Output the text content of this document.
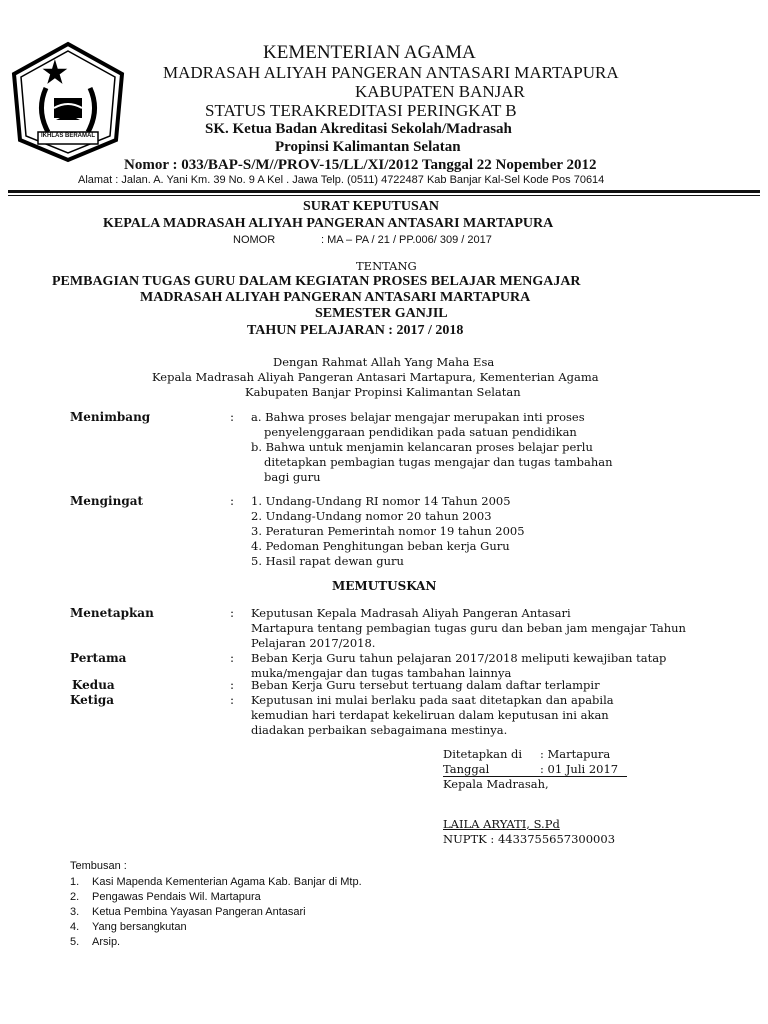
IKHLAS BERAMAL
KEMENTERIAN AGAMA
MADRASAH ALIYAH PANGERAN ANTASARI MARTAPURA
KABUPATEN BANJAR
STATUS TERAKREDITASI PERINGKAT B
SK. Ketua Badan Akreditasi Sekolah/Madrasah
Propinsi Kalimantan Selatan
Nomor : 033/BAP-S/M//PROV-15/LL/XI/2012 Tanggal 22 Nopember 2012
Alamat : Jalan. A. Yani Km. 39 No. 9 A Kel . Jawa Telp. (0511) 4722487 Kab Banjar Kal-Sel Kode Pos 70614
SURAT KEPUTUSAN
KEPALA MADRASAH ALIYAH PANGERAN ANTASARI MARTAPURA
NOMOR	: MA – PA / 21 / PP.006/ 309 / 2017
TENTANG
PEMBAGIAN TUGAS GURU DALAM KEGIATAN PROSES BELAJAR MENGAJAR
MADRASAH ALIYAH PANGERAN ANTASARI MARTAPURA
SEMESTER GANJIL
TAHUN PELAJARAN : 2017 / 2018
Dengan Rahmat Allah Yang Maha Esa
Kepala Madrasah Aliyah Pangeran Antasari Martapura, Kementerian Agama
Kabupaten Banjar Propinsi Kalimantan Selatan
Menimbang	: a. Bahwa proses belajar mengajar merupakan inti proses
penyelenggaraan pendidikan pada satuan pendidikan
b. Bahwa untuk menjamin kelancaran proses belajar perlu
ditetapkan pembagian tugas mengajar dan tugas tambahan
bagi guru
Mengingat	: 1. Undang-Undang RI nomor 14 Tahun 2005
2. Undang-Undang nomor 20 tahun 2003
3. Peraturan Pemerintah nomor 19 tahun 2005
4. Pedoman Penghitungan beban kerja Guru
5. Hasil rapat dewan guru
MEMUTUSKAN
Menetapkan	: Keputusan Kepala Madrasah Aliyah Pangeran Antasari
Martapura tentang pembagian tugas guru dan beban jam mengajar Tahun
Pelajaran 2017/2018.
Pertama	: Beban Kerja Guru tahun pelajaran 2017/2018 meliputi kewajiban tatap
muka/mengajar dan tugas tambahan lainnya
Kedua	: Beban Kerja Guru tersebut tertuang dalam daftar terlampir
Ketiga	: Keputusan ini mulai berlaku pada saat ditetapkan dan apabila
kemudian hari terdapat kekeliruan dalam keputusan ini akan
diadakan perbaikan sebagaimana mestinya.
Ditetapkan di : Martapura
Tanggal	: 01 Juli 2017
Kepala Madrasah,
LAILA ARYATI, S.Pd
NUPTK : 4433755657300003
Tembusan :
1. Kasi Mapenda Kementerian Agama Kab. Banjar di Mtp.
2. Pengawas Pendais Wil. Martapura
3. Ketua Pembina Yayasan Pangeran Antasari
4. Yang bersangkutan
5. Arsip.
